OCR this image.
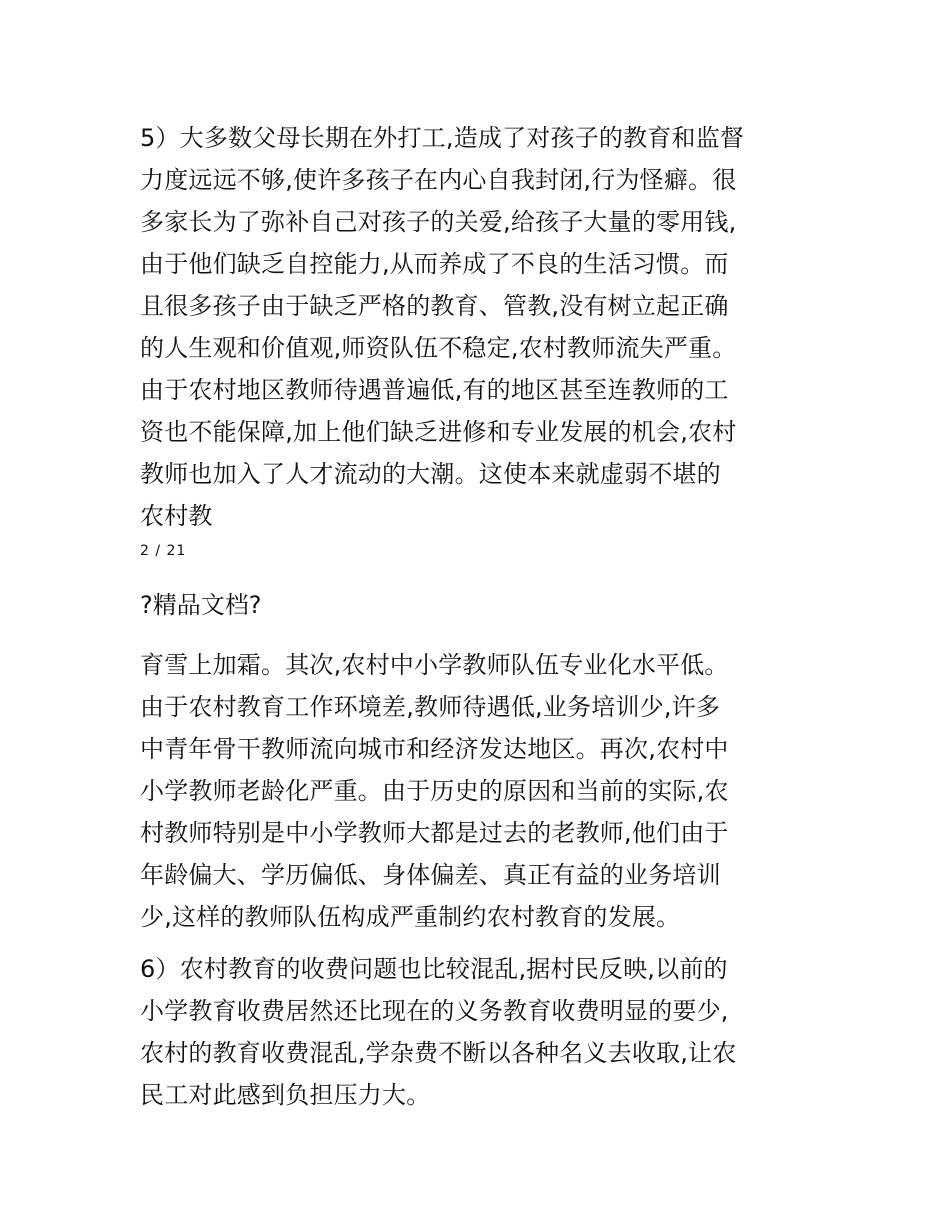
5）大多数父母长期在外打工,造成了对孩子的教育和监督
力度远远不够,使许多孩子在内心自我封闭,行为怪癖。很
多家长为了弥补自己对孩子的关爱,给孩子大量的零用钱,
由于他们缺乏自控能力,从而养成了不良的生活习惯。而
且很多孩子由于缺乏严格的教育、管教,没有树立起正确
的人生观和价值观,师资队伍不稳定,农村教师流失严重。
由于农村地区教师待遇普遍低,有的地区甚至连教师的工
资也不能保障,加上他们缺乏进修和专业发展的机会,农村
教师也加入了人才流动的大潮。这使本来就虚弱不堪的
农村教
2 / 21
?精品文档?
育雪上加霜。其次,农村中小学教师队伍专业化水平低。
由于农村教育工作环境差,教师待遇低,业务培训少,许多
中青年骨干教师流向城市和经济发达地区。再次,农村中
小学教师老龄化严重。由于历史的原因和当前的实际,农
村教师特别是中小学教师大都是过去的老教师,他们由于
年龄偏大、学历偏低、身体偏差、真正有益的业务培训
少,这样的教师队伍构成严重制约农村教育的发展。
6）农村教育的收费问题也比较混乱,据村民反映,以前的
小学教育收费居然还比现在的义务教育收费明显的要少,
农村的教育收费混乱,学杂费不断以各种名义去收取,让农
民工对此感到负担压力大。
